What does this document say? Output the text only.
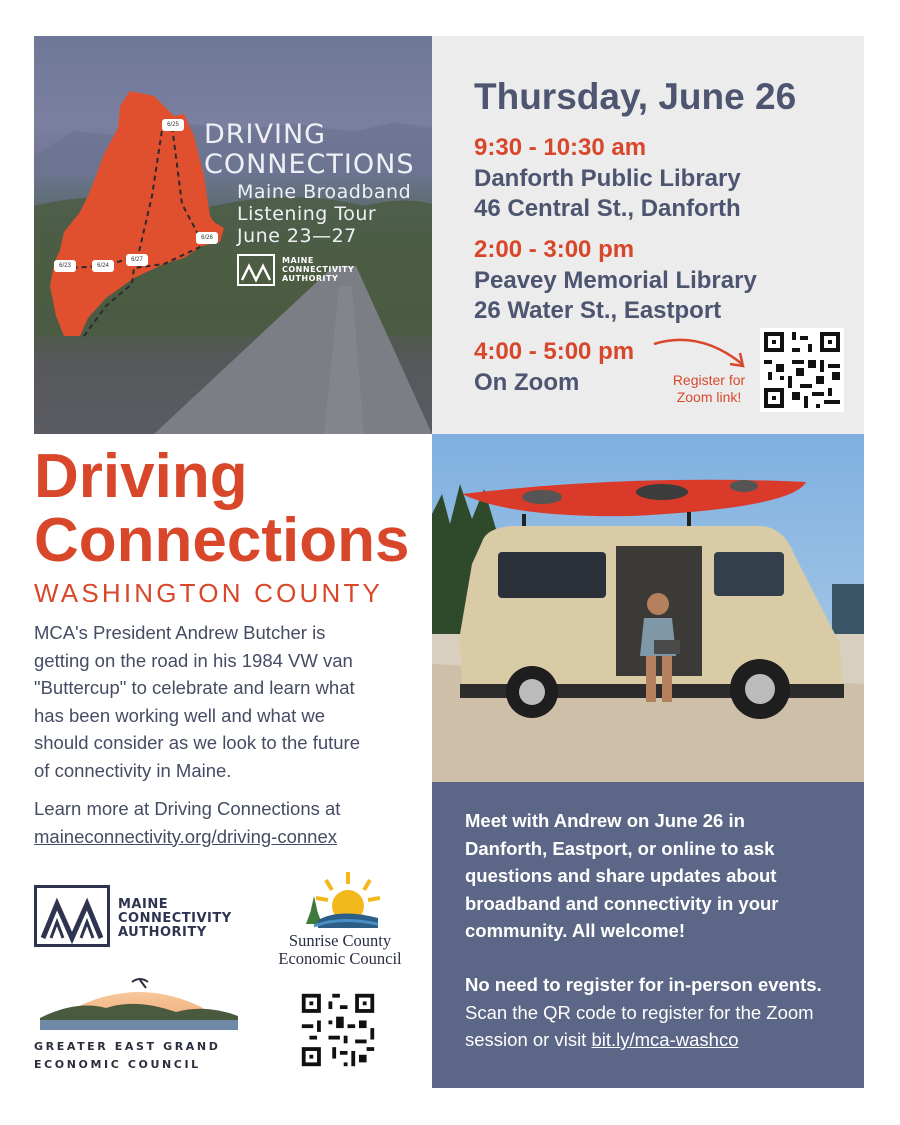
6/25
6/26
6/27
6/24
6/23
DRIVING
CONNECTIONS
Maine Broadband
Listening Tour
June 23—27
MAINE
CONNECTIVITY
AUTHORITY
Thursday, June 26
9:30 - 10:30 am
Danforth Public Library
46 Central St., Danforth
2:00 - 3:00 pm
Peavey Memorial Library
26 Water St., Eastport
4:00 - 5:00 pm
On Zoom	Register for
Zoom link!
Driving
Connections
WASHINGTON COUNTY
MCA's President Andrew Butcher is
getting on the road in his 1984 VW van
"Buttercup" to celebrate and learn what
has been working well and what we
should consider as we look to the future
of connectivity in Maine.
Learn more at Driving Connections at
maineconnectivity.org/driving-connex
MAINE
CONNECTIVITY
AUTHORITY	Sunrise County
Economic Council
GREATER EAST GRAND
ECONOMIC COUNCIL
Meet with Andrew on June 26 in
Danforth, Eastport, or online to ask
questions and share updates about
broadband and connectivity in your
community. All welcome!
No need to register for in-person events.
Scan the QR code to register for the Zoom
session or visit bit.ly/mca-washco
